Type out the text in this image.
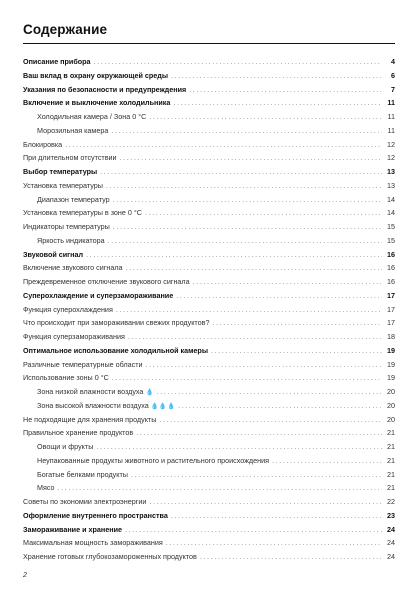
Содержание
Описание прибора .....	4
Ваш вклад в охрану окружающей среды .....	6
Указания по безопасности и предупреждения .....	7
Включение и выключение холодильника .....	11
Холодильная камера / Зона 0 °C .....	11
Морозильная камера .....	11
Блокировка .....	12
При длительном отсутствии .....	12
Выбор температуры .....	13
Установка температуры .....	13
Диапазон температур .....	14
Установка температуры в зоне 0 °C .....	14
Индикаторы температуры .....	15
Яркость индикатора .....	15
Звуковой сигнал .....	16
Включение звукового сигнала .....	16
Преждевременное отключение звукового сигнала .....	16
Суперохлаждение и суперзамораживание .....	17
Функция суперохлаждения .....	17
Что происходит при замораживании свежих продуктов? .....	17
Функция суперзамораживания .....	18
Оптимальное использование холодильной камеры .....	19
Различные температурные области .....	19
Использование зоны 0 °C .....	19
Зона низкой влажности воздуха 💧 .....	20
Зона высокой влажности воздуха 💧💧💧 .....	20
Не подходящие для хранения продукты .....	20
Правильное хранение продуктов .....	21
Овощи и фрукты .....	21
Неупакованные продукты животного и растительного происхождения .....	21
Богатые белками продукты .....	21
Мясо .....	21
Советы по экономии электроэнергии .....	22
Оформление внутреннего пространства .....	23
Замораживание и хранение .....	24
Максимальная мощность замораживания .....	24
Хранение готовых глубокозамороженных продуктов .....	24
2
